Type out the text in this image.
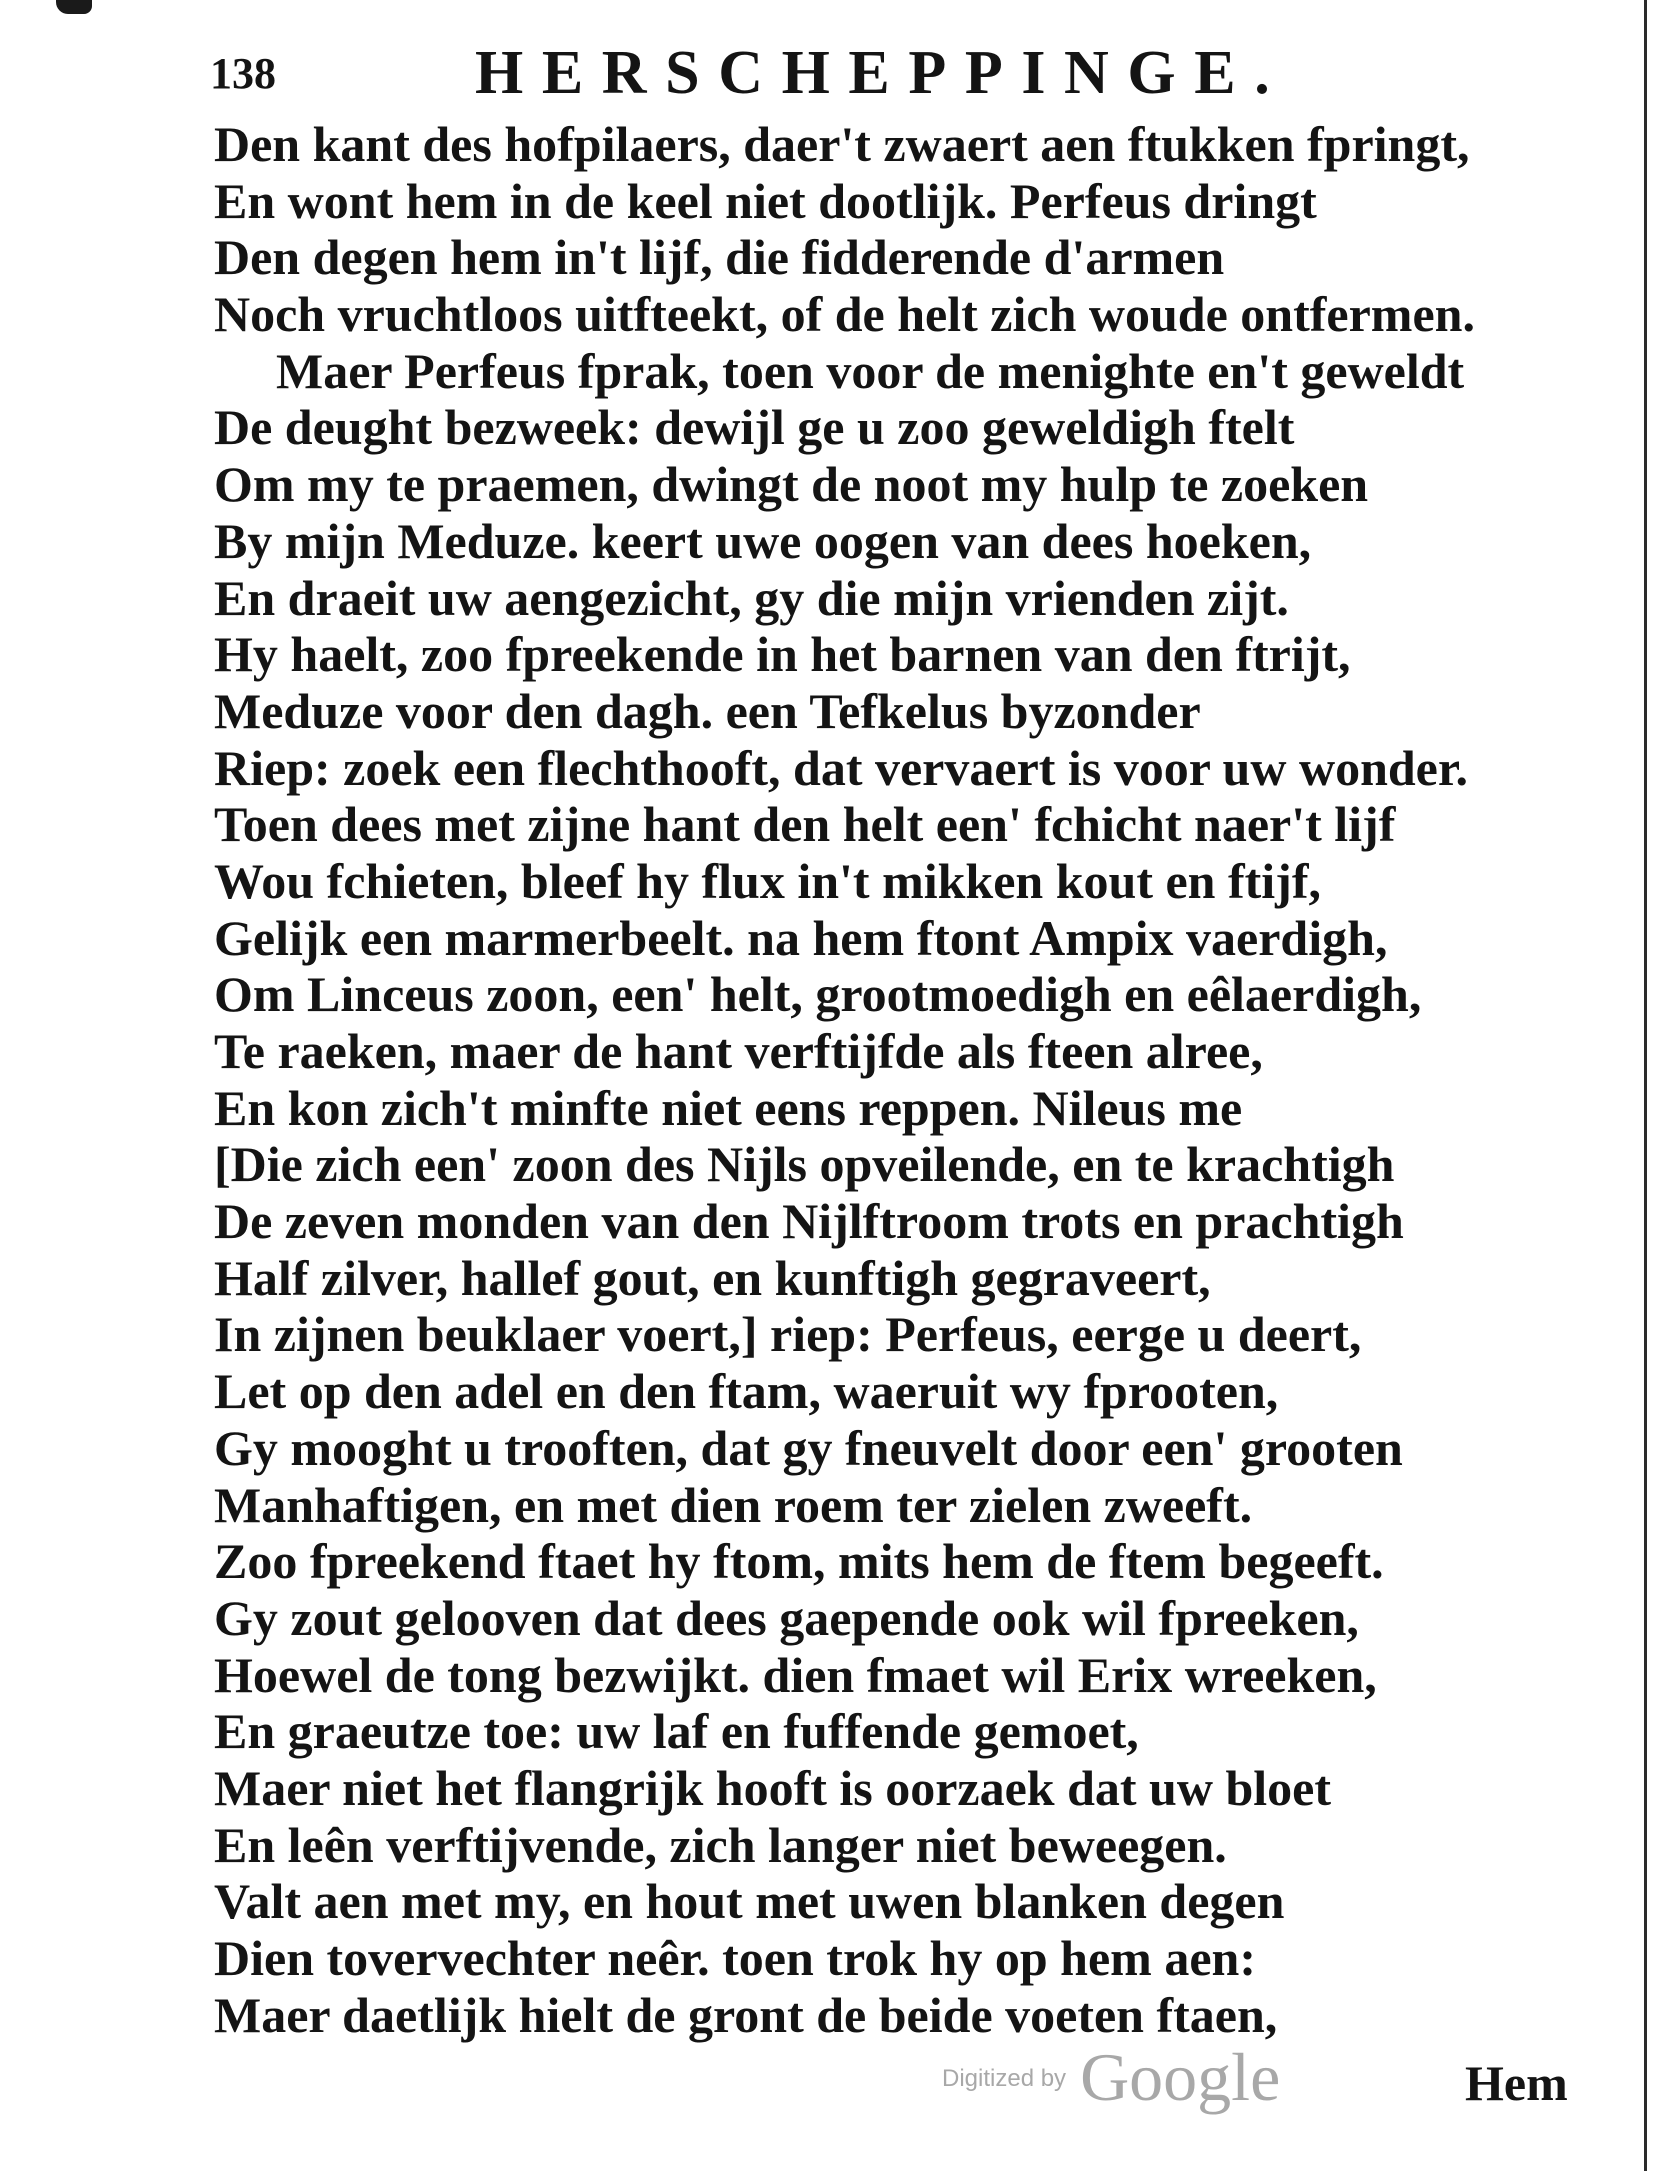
138	HERSCHEPPINGE.
Den kant des hofpilaers, daer't zwaert aen ftukken fpringt,
En wont hem in de keel niet dootlijk. Perfeus dringt
Den degen hem in't lijf, die fidderende d'armen
Noch vruchtloos uitfteekt, of de helt zich woude ontfermen.
Maer Perfeus fprak, toen voor de menighte en't geweldt
De deught bezweek: dewijl ge u zoo geweldigh ftelt
Om my te praemen, dwingt de noot my hulp te zoeken
By mijn Meduze. keert uwe oogen van dees hoeken,
En draeit uw aengezicht, gy die mijn vrienden zijt.
Hy haelt, zoo fpreekende in het barnen van den ftrijt,
Meduze voor den dagh. een Tefkelus byzonder
Riep: zoek een flechthooft, dat vervaert is voor uw wonder.
Toen dees met zijne hant den helt een' fchicht naer't lijf
Wou fchieten, bleef hy flux in't mikken kout en ftijf,
Gelijk een marmerbeelt. na hem ftont Ampix vaerdigh,
Om Linceus zoon, een' helt, grootmoedigh en eêlaerdigh,
Te raeken, maer de hant verftijfde als fteen alree,
En kon zich't minfte niet eens reppen. Nileus me
[Die zich een' zoon des Nijls opveilende, en te krachtigh
De zeven monden van den Nijlftroom trots en prachtigh
Half zilver, hallef gout, en kunftigh gegraveert,
In zijnen beuklaer voert,] riep: Perfeus, eerge u deert,
Let op den adel en den ftam, waeruit wy fprooten,
Gy mooght u trooften, dat gy fneuvelt door een' grooten
Manhaftigen, en met dien roem ter zielen zweeft.
Zoo fpreekend ftaet hy ftom, mits hem de ftem begeeft.
Gy zout gelooven dat dees gaepende ook wil fpreeken,
Hoewel de tong bezwijkt. dien fmaet wil Erix wreeken,
En graeutze toe: uw laf en fuffende gemoet,
Maer niet het flangrijk hooft is oorzaek dat uw bloet
En leên verftijvende, zich langer niet beweegen.
Valt aen met my, en hout met uwen blanken degen
Dien tovervechter neêr. toen trok hy op hem aen:
Maer daetlijk hielt de gront de beide voeten ftaen,
Hem
Digitized by Google
